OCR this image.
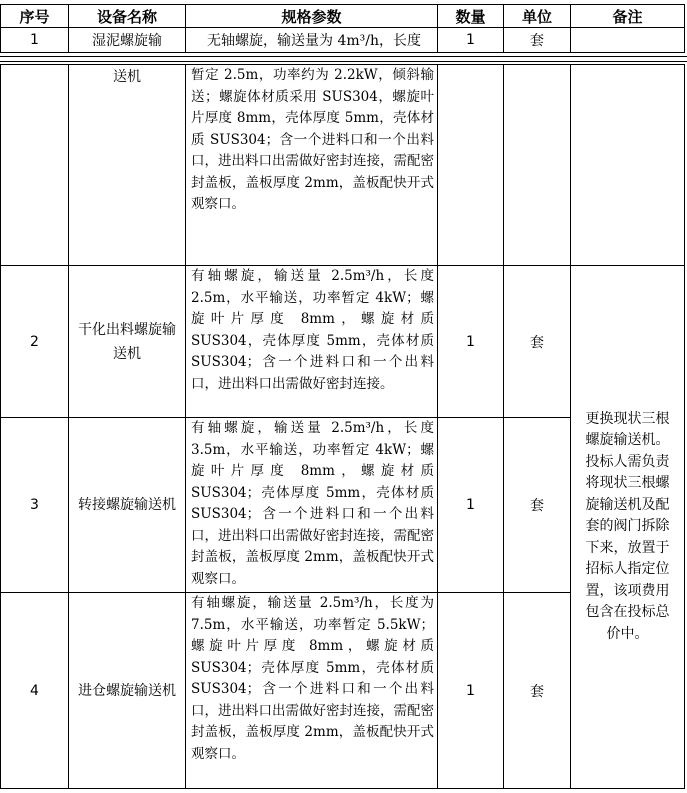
序号	设备名称	规格参数	数量	单位	备注
1	湿泥螺旋输	无轴螺旋，输送量为 4m³/h，长度	1	套	
	送机	暂定 2.5m，功率约为 2.2kW，倾斜输送；螺旋体材质采用 SUS304，螺旋叶片厚度 8mm，壳体厚度 5mm，壳体材质 SUS304；含一个进料口和一个出料口，进出料口出需做好密封连接，需配密封盖板，盖板厚度 2mm，盖板配快开式观察口。			
2	干化出料螺旋输送机	有轴螺旋，输送量 2.5m³/h，长度 2.5m，水平输送，功率暂定 4kW；螺旋叶片厚度 8mm，螺旋材质 SUS304，壳体厚度 5mm，壳体材质 SUS304；含一个进料口和一个出料口，进出料口出需做好密封连接。	1	套	更换现状三根螺旋输送机。投标人需负责将现状三根螺旋输送机及配套的阀门拆除下来，放置于招标人指定位置，该项费用包含在投标总价中。
3	转接螺旋输送机	有轴螺旋，输送量 2.5m³/h，长度 3.5m，水平输送，功率暂定 4kW；螺旋叶片厚度 8mm，螺旋材质 SUS304；壳体厚度 5mm，壳体材质 SUS304；含一个进料口和一个出料口，进出料口出需做好密封连接，需配密封盖板，盖板厚度 2mm，盖板配快开式观察口。	1	套	
4	进仓螺旋输送机	有轴螺旋，输送量 2.5m³/h，长度为 7.5m，水平输送，功率暂定 5.5kW；螺旋叶片厚度 8mm，螺旋材质 SUS304；壳体厚度 5mm，壳体材质 SUS304；含一个进料口和一个出料口，进出料口出需做好密封连接，需配密封盖板，盖板厚度 2mm，盖板配快开式观察口。	1	套	
